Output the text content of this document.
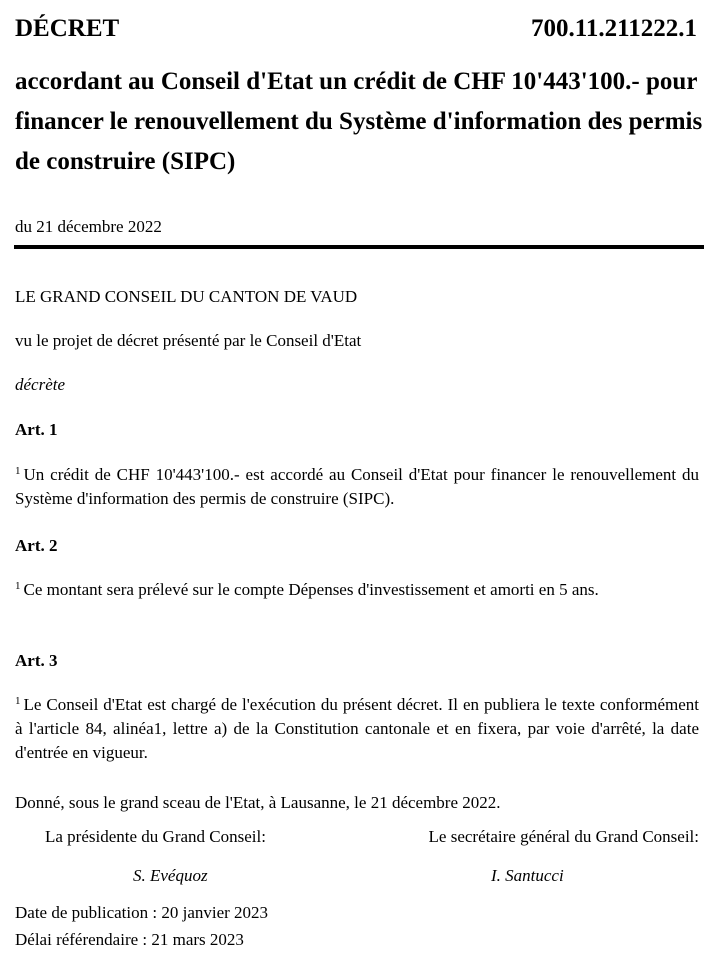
DÉCRET	700.11.211222.1
accordant au Conseil d'Etat un crédit de CHF 10'443'100.- pour financer le renouvellement du Système d'information des permis de construire (SIPC)
du 21 décembre 2022
LE GRAND CONSEIL DU CANTON DE VAUD
vu le projet de décret présenté par le Conseil d'Etat
décrète
Art. 1
$^1$ Un crédit de CHF 10'443'100.- est accordé au Conseil d'Etat pour financer le renouvellement du Système d'information des permis de construire (SIPC).
Art. 2
$^1$ Ce montant sera prélevé sur le compte Dépenses d'investissement et amorti en 5 ans.
Art. 3
$^1$ Le Conseil d'Etat est chargé de l'exécution du présent décret. Il en publiera le texte conformément à l'article 84, alinéa1, lettre a) de la Constitution cantonale et en fixera, par voie d'arrêté, la date d'entrée en vigueur.
Donné, sous le grand sceau de l'Etat, à Lausanne, le 21 décembre 2022.
La présidente du Grand Conseil:	Le secrétaire général du Grand Conseil:
S. Evéquoz	I. Santucci
Date de publication : 20 janvier 2023
Délai référendaire : 21 mars 2023
